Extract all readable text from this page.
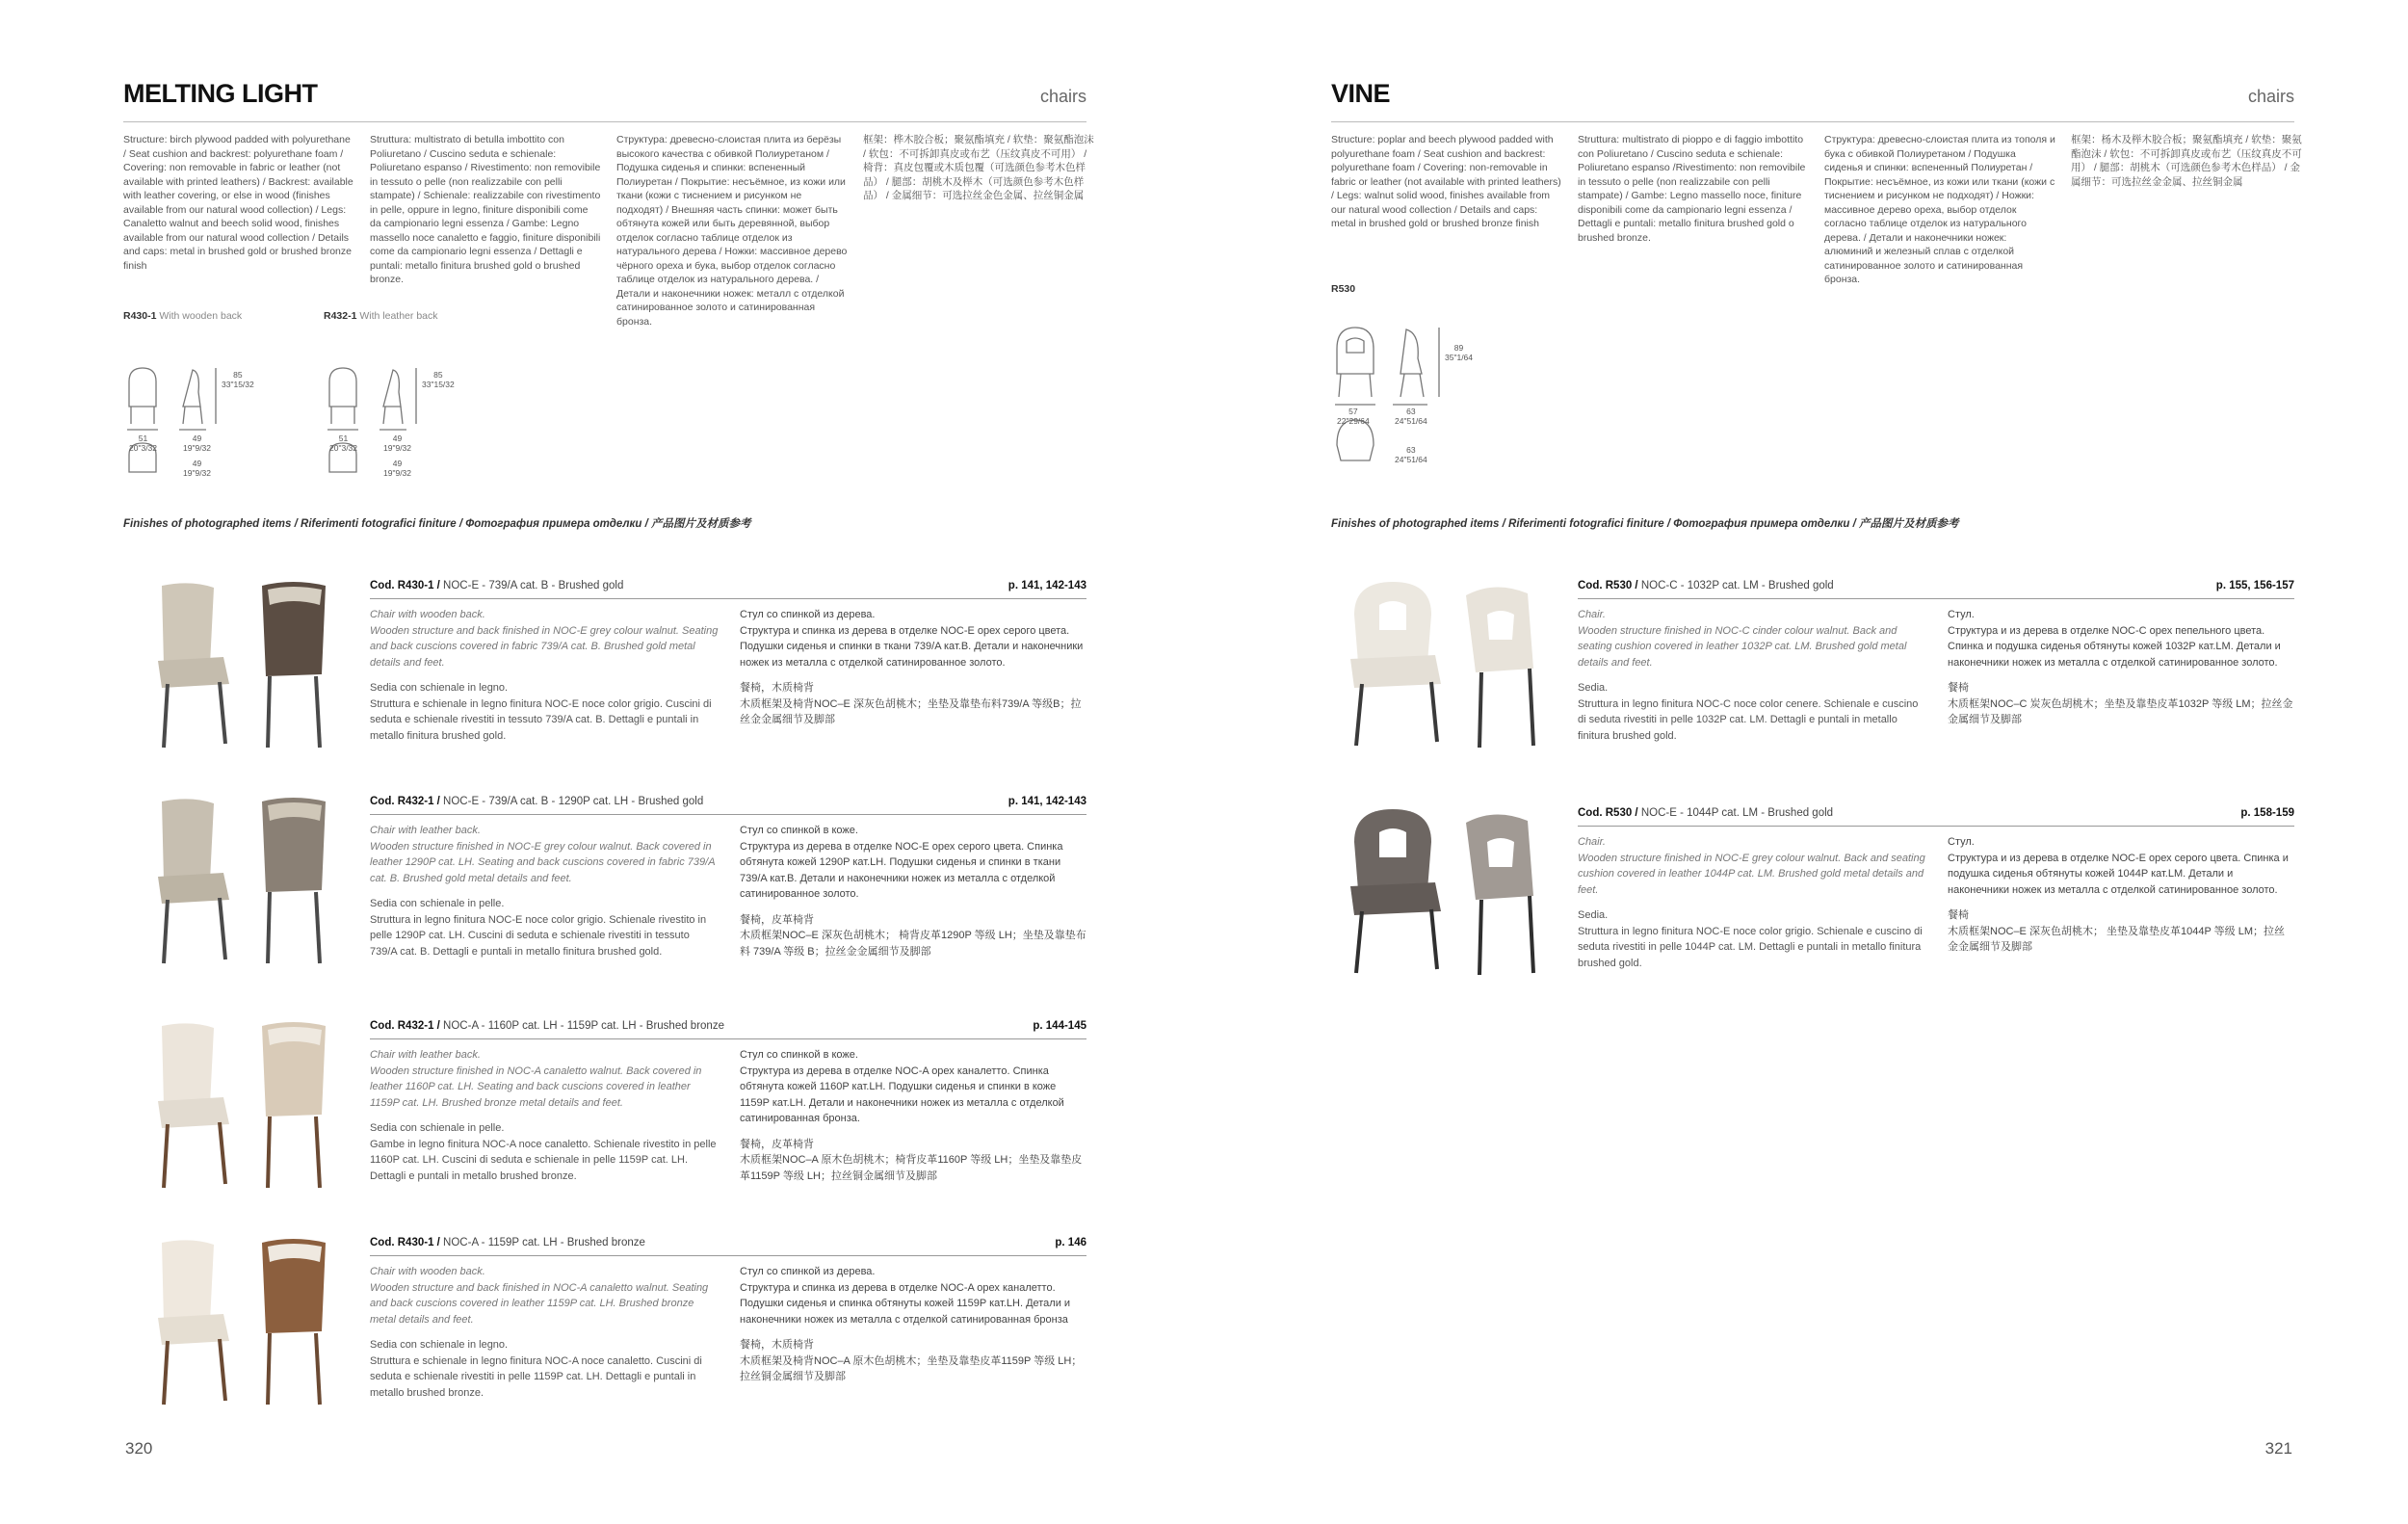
MELTING LIGHT	chairs
Structure: birch plywood padded with polyurethane / Seat cushion and backrest: polyurethane foam / Covering: non removable in fabric or leather (not available with printed leathers) / Backrest: available with leather covering, or else in wood (finishes available from our natural wood collection) / Legs: Canaletto walnut and beech solid wood, finishes available from our natural wood collection / Details and caps: metal in brushed gold or brushed bronze finish
Struttura: multistrato di betulla imbottito con Poliuretano / Cuscino seduta e schienale: Poliuretano espanso / Rivestimento: non removibile in tessuto o pelle (non realizzabile con pelli stampate) / Schienale: realizzabile con rivestimento in pelle, oppure in legno, finiture disponibili come da campionario legni essenza / Gambe: Legno massello noce canaletto e faggio, finiture disponibili come da campionario legni essenza / Dettagli e puntali: metallo finitura brushed gold o brushed bronze.
Структура: древесно-слоистая плита из берёзы высокого качества с обивкой Полиуретаном / Подушка сиденья и спинки: вспененный Полиуретан / Покрытие: несъёмное, из кожи или ткани (кожи с тиснением и рисунком не подходят) / Внешняя часть спинки: может быть обтянута кожей или быть деревянной, выбор отделок согласно таблице отделок из натурального дерева / Ножки: массивное дерево чёрного ореха и бука, выбор отделок согласно таблице отделок из натурального дерева. / Детали и наконечники ножек: металл с отделкой сатинированное золото и сатинированная бронза.
框架：桦木胶合板；聚氨酯填充 / 软垫：聚氨酯泡沫 / 软包：不可拆卸真皮或布艺（压纹真皮不可用） / 椅背：真皮包覆或木质包覆（可选颜色参考木色样品） / 腿部：胡桃木及榉木（可选颜色参考木色样品） / 金属细节：可选拉丝金色金属、拉丝铜金属
R430-1 With wooden back
85
33"15/32
51
20"3/32
49
19"9/32
49
19"9/32
R432-1 With leather back
85
33"15/32
51
20"3/32
49
19"9/32
49
19"9/32
Finishes of photographed items / Riferimenti fotografici finiture / Фотография примера отделки / 产品图片及材质参考
Cod. R430-1 / NOC-E - 739/A cat. B - Brushed gold	p. 141, 142-143
Chair with wooden back.
Wooden structure and back finished in NOC-E grey colour walnut. Seating and back cuscions covered in fabric 739/A cat. B. Brushed gold metal details and feet.
Sedia con schienale in legno.
Struttura e schienale in legno finitura NOC-E noce color grigio. Cuscini di seduta e schienale rivestiti in tessuto 739/A cat. B. Dettagli e puntali in metallo finitura brushed gold.
Стул со спинкой из дерева.
Структура и спинка из дерева в отделке NOC-E орех серого цвета. Подушки сиденья и спинки в ткани 739/A кат.B. Детали и наконечники ножек из металла с отделкой сатинированное золото.
餐椅，木质椅背
木质框架及椅背NOC–E 深灰色胡桃木；坐垫及靠垫布料739/A 等级B；拉丝金金属细节及脚部
Cod. R432-1 / NOC-E - 739/A cat. B - 1290P cat. LH - Brushed gold	p. 141, 142-143
Chair with leather back.
Wooden structure finished in NOC-E grey colour walnut. Back covered in leather 1290P cat. LH. Seating and back cuscions covered in fabric 739/A cat. B. Brushed gold metal details and feet.
Sedia con schienale in pelle.
Struttura in legno finitura NOC-E noce color grigio. Schienale rivestito in pelle 1290P cat. LH. Cuscini di seduta e schienale rivestiti in tessuto 739/A cat. B. Dettagli e puntali in metallo finitura brushed gold.
Стул со спинкой в коже.
Структура из дерева в отделке NOC-E орех серого цвета. Спинка обтянута кожей 1290P кат.LH. Подушки сиденья и спинки в ткани 739/A кат.B. Детали и наконечники ножек из металла с отделкой сатинированное золото.
餐椅，皮革椅背
木质框架NOC–E 深灰色胡桃木； 椅背皮革1290P 等级 LH；坐垫及靠垫布料 739/A 等级 B；拉丝金金属细节及脚部
Cod. R432-1 / NOC-A - 1160P cat. LH - 1159P cat. LH - Brushed bronze	p. 144-145
Chair with leather back.
Wooden structure finished in NOC-A canaletto walnut. Back covered in leather 1160P cat. LH. Seating and back cuscions covered in leather 1159P cat. LH. Brushed bronze metal details and feet.
Sedia con schienale in pelle.
Gambe in legno finitura NOC-A noce canaletto. Schienale rivestito in pelle 1160P cat. LH. Cuscini di seduta e schienale in pelle 1159P cat. LH. Dettagli e puntali in metallo brushed bronze.
Стул со спинкой в коже.
Структура из дерева в отделке NOC-A орех каналетто. Спинка обтянута кожей 1160P кат.LH. Подушки сиденья и спинки в коже 1159P кат.LH. Детали и наконечники ножек из металла с отделкой сатинированная бронза.
餐椅，皮革椅背
木质框架NOC–A 原木色胡桃木；椅背皮革1160P 等级 LH；坐垫及靠垫皮革1159P 等级 LH；拉丝铜金属细节及脚部
Cod. R430-1 / NOC-A - 1159P cat. LH - Brushed bronze	p. 146
Chair with wooden back.
Wooden structure and back finished in NOC-A canaletto walnut. Seating and back cuscions covered in leather 1159P cat. LH. Brushed bronze metal details and feet.
Sedia con schienale in legno.
Struttura e schienale in legno finitura NOC-A noce canaletto. Cuscini di seduta e schienale rivestiti in pelle 1159P cat. LH. Dettagli e puntali in metallo brushed bronze.
Стул со спинкой из дерева.
Структура и спинка из дерева в отделке NOC-A орех каналетто. Подушки сиденья и спинка обтянуты кожей 1159P кат.LH. Детали и наконечники ножек из металла с отделкой сатинированная бронза
餐椅，木质椅背
木质框架及椅背NOC–A 原木色胡桃木；坐垫及靠垫皮革1159P 等级 LH；拉丝铜金属细节及脚部
320
VINE	chairs
Structure: poplar and beech plywood padded with polyurethane foam / Seat cushion and backrest: polyurethane foam / Covering: non-removable in fabric or leather (not available with printed leathers) / Legs: walnut solid wood, finishes available from our natural wood collection / Details and caps: metal in brushed gold or brushed bronze finish
Struttura: multistrato di pioppo e di faggio imbottito con Poliuretano / Cuscino seduta e schienale: Poliuretano espanso /Rivestimento: non removibile in tessuto o pelle (non realizzabile con pelli stampate) / Gambe: Legno massello noce, finiture disponibili come da campionario legni essenza / Dettagli e puntali: metallo finitura brushed gold o brushed bronze.
Структура: древесно-слоистая плита из тополя и бука с обивкой Полиуретаном / Подушка сиденья и спинки: вспененный Полиуретан / Покрытие: несъёмное, из кожи или ткани (кожи с тиснением и рисунком не подходят) / Ножки: массивное дерево ореха, выбор отделок согласно таблице отделок из натурального дерева. / Детали и наконечники ножек: алюминий и железный сплав с отделкой сатинированное золото и сатинированная бронза.
框架：杨木及榉木胶合板；聚氨酯填充 / 软垫：聚氨酯泡沫 / 软包：不可拆卸真皮或布艺（压纹真皮不可用） / 腿部：胡桃木（可选颜色参考木色样品） / 金属细节：可选拉丝金金属、拉丝铜金属
R530
89
35"1/64
57
22"29/64
63
24"51/64
63
24"51/64
Finishes of photographed items / Riferimenti fotografici finiture / Фотография примера отделки / 产品图片及材质参考
Cod. R530 / NOC-C - 1032P cat. LM - Brushed gold	p. 155, 156-157
Chair.
Wooden structure finished in NOC-C cinder colour walnut. Back and seating cushion covered in leather 1032P cat. LM. Brushed gold metal details and feet.
Sedia.
Struttura in legno finitura NOC-C noce color cenere. Schienale e cuscino di seduta rivestiti in pelle 1032P cat. LM. Dettagli e puntali in metallo finitura brushed gold.
Стул.
Структура и из дерева в отделке NOC-C орех пепельного цвета. Спинка и подушка сиденья обтянуты кожей 1032P кат.LM. Детали и наконечники ножек из металла с отделкой сатинированное золото.
餐椅
木质框架NOC–C 炭灰色胡桃木；坐垫及靠垫皮革1032P 等级 LM；拉丝金金属细节及脚部
Cod. R530 / NOC-E - 1044P cat. LM - Brushed gold	p. 158-159
Chair.
Wooden structure finished in NOC-E grey colour walnut. Back and seating cushion covered in leather 1044P cat. LM. Brushed gold metal details and feet.
Sedia.
Struttura in legno finitura NOC-E noce color grigio. Schienale e cuscino di seduta rivestiti in pelle 1044P cat. LM. Dettagli e puntali in metallo finitura brushed gold.
Стул.
Структура и из дерева в отделке NOC-E орех серого цвета. Спинка и подушка сиденья обтянуты кожей 1044P кат.LM. Детали и наконечники ножек из металла с отделкой сатинированное золото.
餐椅
木质框架NOC–E 深灰色胡桃木； 坐垫及靠垫皮革1044P 等级 LM；拉丝金金属细节及脚部
321
